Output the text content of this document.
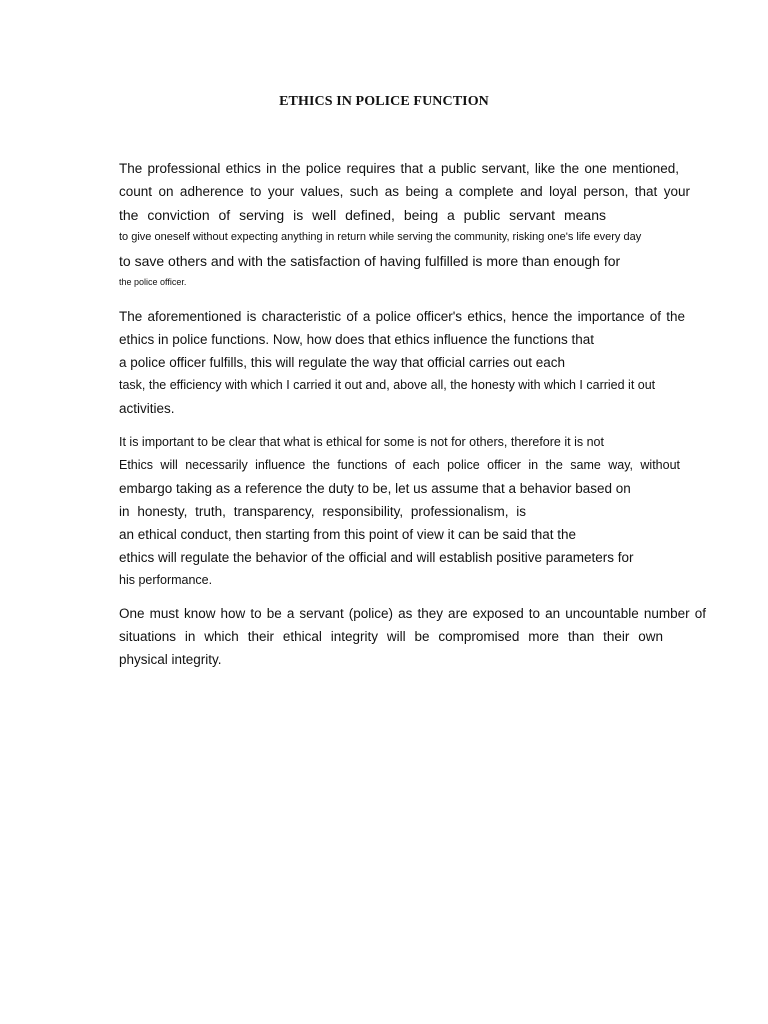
ETHICS IN POLICE FUNCTION

The professional ethics in the police requires that a public servant, like the one mentioned,

count on adherence to your values, such as being a complete and loyal person, that your

the conviction of serving is well defined, being a public servant means

to give oneself without expecting anything in return while serving the community, risking one's life every day

to save others and with the satisfaction of having fulfilled is more than enough for

the police officer.

The aforementioned is characteristic of a police officer's ethics, hence the importance of the

ethics in police functions. Now, how does that ethics influence the functions that

a police officer fulfills, this will regulate the way that official carries out each

task, the efficiency with which I carried it out and, above all, the honesty with which I carried it out

activities.

It is important to be clear that what is ethical for some is not for others, therefore it is not

Ethics will necessarily influence the functions of each police officer in the same way, without

embargo taking as a reference the duty to be, let us assume that a behavior based on

in honesty, truth, transparency, responsibility, professionalism, is

an ethical conduct, then starting from this point of view it can be said that the

ethics will regulate the behavior of the official and will establish positive parameters for

his performance.

One must know how to be a servant (police) as they are exposed to an uncountable number of

situations in which their ethical integrity will be compromised more than their own

physical integrity.
